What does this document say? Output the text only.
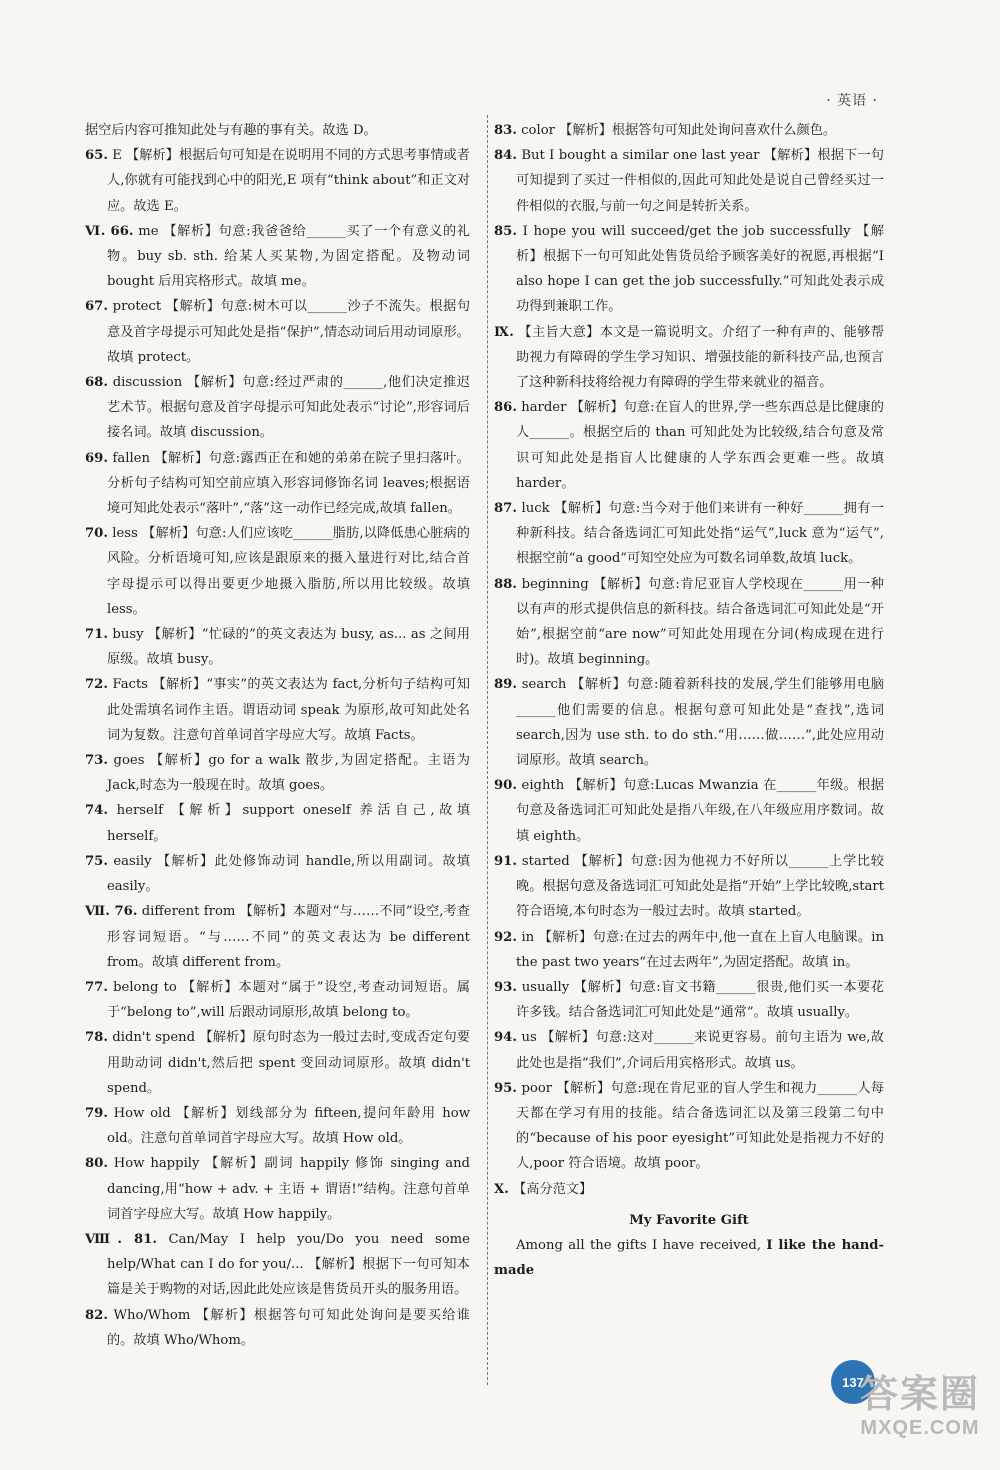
· 英语 ·

据空后内容可推知此处与有趣的事有关。故选 D。

65. E 【解析】根据后句可知是在说明用不同的方式思考事情或者人,你就有可能找到心中的阳光,E 项有“think about”和正文对应。故选 E。

Ⅵ. 66. me 【解析】句意:我爸爸给______买了一个有意义的礼物。buy sb. sth. 给某人买某物,为固定搭配。及物动词 bought 后用宾格形式。故填 me。

67. protect 【解析】句意:树木可以______沙子不流失。根据句意及首字母提示可知此处是指“保护”,情态动词后用动词原形。故填 protect。

68. discussion 【解析】句意:经过严肃的______,他们决定推迟艺术节。根据句意及首字母提示可知此处表示“讨论”,形容词后接名词。故填 discussion。

69. fallen 【解析】句意:露西正在和她的弟弟在院子里扫落叶。分析句子结构可知空前应填入形容词修饰名词 leaves;根据语境可知此处表示“落叶”,“落”这一动作已经完成,故填 fallen。

70. less 【解析】句意:人们应该吃______脂肪,以降低患心脏病的风险。分析语境可知,应该是跟原来的摄入量进行对比,结合首字母提示可以得出要更少地摄入脂肪,所以用比较级。故填 less。

71. busy 【解析】“忙碌的”的英文表达为 busy, as... as 之间用原级。故填 busy。

72. Facts 【解析】“事实”的英文表达为 fact,分析句子结构可知此处需填名词作主语。谓语动词 speak 为原形,故可知此处名词为复数。注意句首单词首字母应大写。故填 Facts。

73. goes 【解析】go for a walk 散步,为固定搭配。主语为 Jack,时态为一般现在时。故填 goes。

74. herself 【解析】support oneself 养活自己,故填 herself。

75. easily 【解析】此处修饰动词 handle,所以用副词。故填 easily。

Ⅶ. 76. different from 【解析】本题对“与……不同”设空,考查形容词短语。“与……不同”的英文表达为 be different from。故填 different from。

77. belong to 【解析】本题对“属于”设空,考查动词短语。属于“belong to”,will 后跟动词原形,故填 belong to。

78. didn't spend 【解析】原句时态为一般过去时,变成否定句要用助动词 didn't,然后把 spent 变回动词原形。故填 didn't spend。

79. How old 【解析】划线部分为 fifteen,提问年龄用 how old。注意句首单词首字母应大写。故填 How old。

80. How happily 【解析】副词 happily 修饰 singing and dancing,用“how + adv. + 主语 + 谓语!”结构。注意句首单词首字母应大写。故填 How happily。

Ⅷ. 81. Can/May I help you/Do you need some help/What can I do for you/... 【解析】根据下一句可知本篇是关于购物的对话,因此此处应该是售货员开头的服务用语。

82. Who/Whom 【解析】根据答句可知此处询问是要买给谁的。故填 Who/Whom。

83. color 【解析】根据答句可知此处询问喜欢什么颜色。

84. But I bought a similar one last year 【解析】根据下一句可知提到了买过一件相似的,因此可知此处是说自己曾经买过一件相似的衣服,与前一句之间是转折关系。

85. I hope you will succeed/get the job successfully 【解析】根据下一句可知此处售货员给予顾客美好的祝愿,再根据“I also hope I can get the job successfully.”可知此处表示成功得到兼职工作。

Ⅸ. 【主旨大意】本文是一篇说明文。介绍了一种有声的、能够帮助视力有障碍的学生学习知识、增强技能的新科技产品,也预言了这种新科技将给视力有障碍的学生带来就业的福音。

86. harder 【解析】句意:在盲人的世界,学一些东西总是比健康的人______。根据空后的 than 可知此处为比较级,结合句意及常识可知此处是指盲人比健康的人学东西会更难一些。故填 harder。

87. luck 【解析】句意:当今对于他们来讲有一种好______拥有一种新科技。结合备选词汇可知此处指“运气”,luck 意为“运气”,根据空前“a good”可知空处应为可数名词单数,故填 luck。

88. beginning 【解析】句意:肯尼亚盲人学校现在______用一种以有声的形式提供信息的新科技。结合备选词汇可知此处是“开始”,根据空前“are now”可知此处用现在分词(构成现在进行时)。故填 beginning。

89. search 【解析】句意:随着新科技的发展,学生们能够用电脑______他们需要的信息。根据句意可知此处是“查找”,选词 search,因为 use sth. to do sth.“用……做……”,此处应用动词原形。故填 search。

90. eighth 【解析】句意:Lucas Mwanzia 在______年级。根据句意及备选词汇可知此处是指八年级,在八年级应用序数词。故填 eighth。

91. started 【解析】句意:因为他视力不好所以______上学比较晚。根据句意及备选词汇可知此处是指“开始”上学比较晚,start 符合语境,本句时态为一般过去时。故填 started。

92. in 【解析】句意:在过去的两年中,他一直在上盲人电脑课。in the past two years“在过去两年”,为固定搭配。故填 in。

93. usually 【解析】句意:盲文书籍______很贵,他们买一本要花许多钱。结合备选词汇可知此处是“通常”。故填 usually。

94. us 【解析】句意:这对______来说更容易。前句主语为 we,故此处也是指“我们”,介词后用宾格形式。故填 us。

95. poor 【解析】句意:现在肯尼亚的盲人学生和视力______人每天都在学习有用的技能。结合备选词汇以及第三段第二句中的“because of his poor eyesight”可知此处是指视力不好的人,poor 符合语境。故填 poor。

Ⅹ. 【高分范文】

My Favorite Gift

Among all the gifts I have received, I like the hand-made

137
答案圈
MXQE.COM
